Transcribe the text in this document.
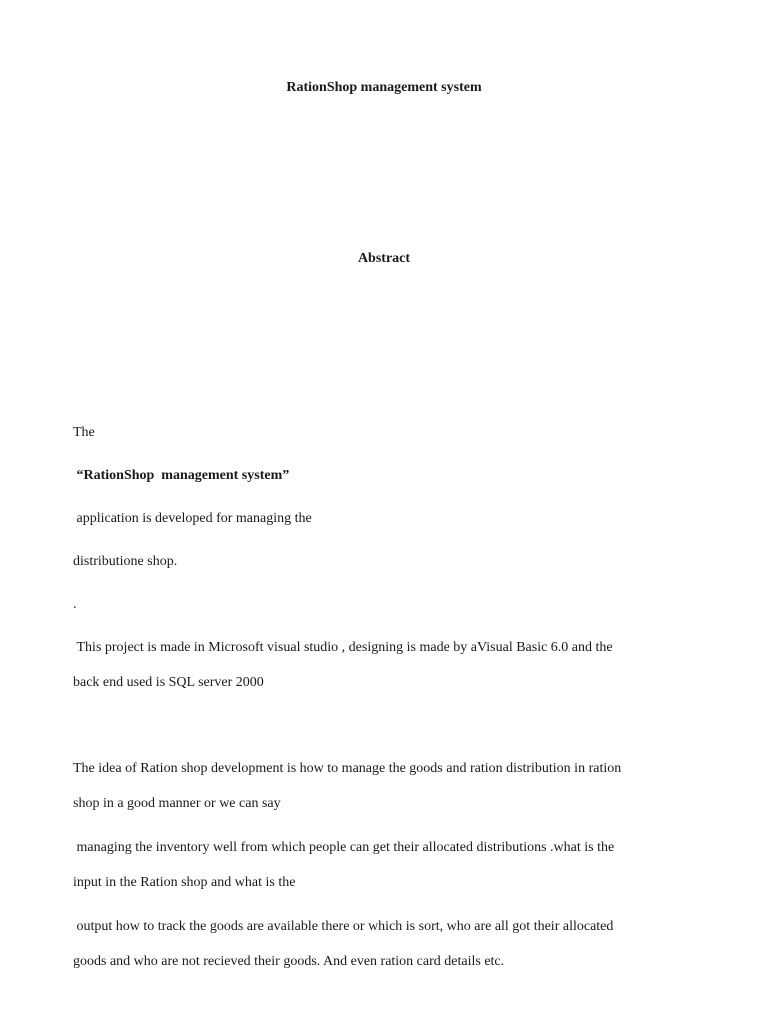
RationShop management system
Abstract

The

“RationShop  management system”

application is developed for managing the

distributione shop.

.

This project is made in Microsoft visual studio , designing is made by aVisual Basic 6.0 and the
back end used is SQL server 2000

The idea of Ration shop development is how to manage the goods and ration distribution in ration
shop in a good manner or we can say

managing the inventory well from which people can get their allocated distributions .what is the
input in the Ration shop and what is the

output how to track the goods are available there or which is sort, who are all got their allocated
goods and who are not recieved their goods. And even ration card details etc.
